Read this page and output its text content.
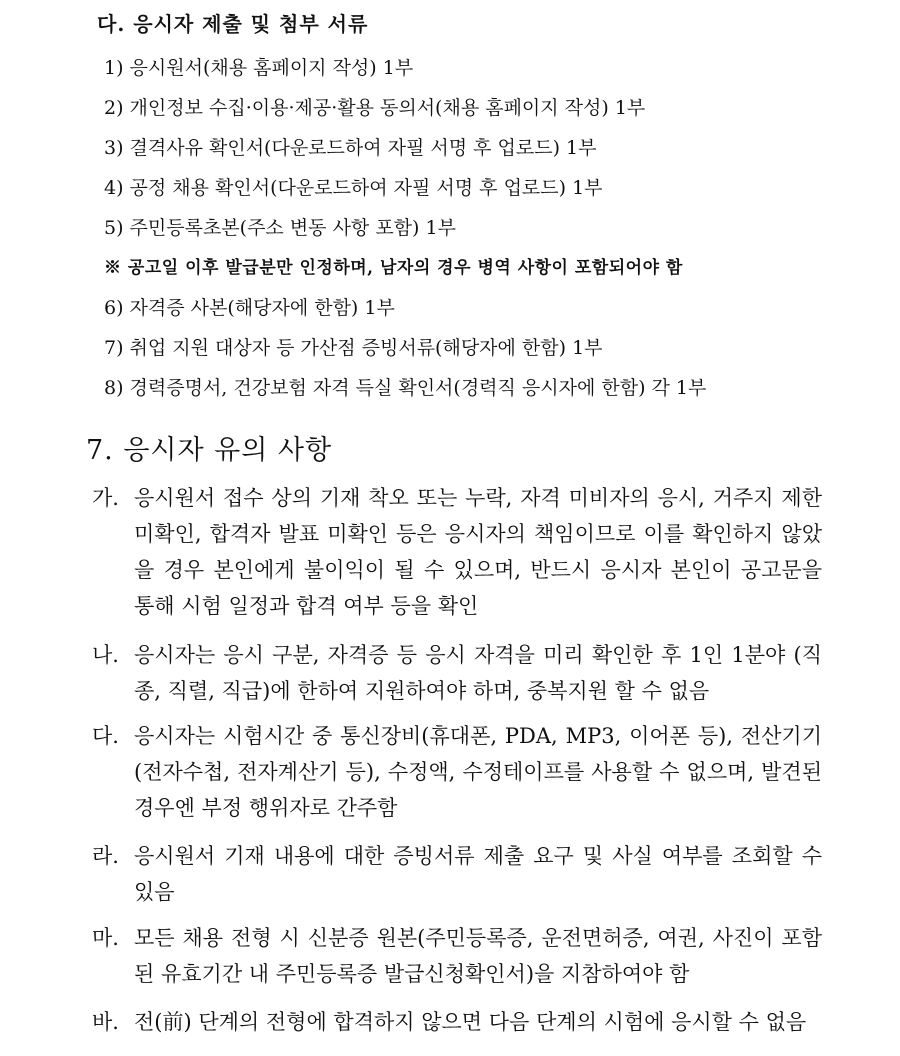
다. 응시자 제출 및 첨부 서류
1) 응시원서(채용 홈페이지 작성) 1부
2) 개인정보 수집·이용·제공·활용 동의서(채용 홈페이지 작성) 1부
3) 결격사유 확인서(다운로드하여 자필 서명 후 업로드) 1부
4) 공정 채용 확인서(다운로드하여 자필 서명 후 업로드) 1부
5) 주민등록초본(주소 변동 사항 포함) 1부
※ 공고일 이후 발급분만 인정하며, 남자의 경우 병역 사항이 포함되어야 함
6) 자격증 사본(해당자에 한함) 1부
7) 취업 지원 대상자 등 가산점 증빙서류(해당자에 한함) 1부
8) 경력증명서, 건강보험 자격 득실 확인서(경력직 응시자에 한함) 각 1부
7. 응시자 유의 사항
가. 응시원서 접수 상의 기재 착오 또는 누락, 자격 미비자의 응시, 거주지 제한 미확인, 합격자 발표 미확인 등은 응시자의 책임이므로 이를 확인하지 않았을 경우 본인에게 불이익이 될 수 있으며, 반드시 응시자 본인이 공고문을 통해 시험 일정과 합격 여부 등을 확인
나. 응시자는 응시 구분, 자격증 등 응시 자격을 미리 확인한 후 1인 1분야 (직종, 직렬, 직급)에 한하여 지원하여야 하며, 중복지원 할 수 없음
다. 응시자는 시험시간 중 통신장비(휴대폰, PDA, MP3, 이어폰 등), 전산기기 (전자수첩, 전자계산기 등), 수정액, 수정테이프를 사용할 수 없으며, 발견된 경우엔 부정 행위자로 간주함
라. 응시원서 기재 내용에 대한 증빙서류 제출 요구 및 사실 여부를 조회할 수 있음
마. 모든 채용 전형 시 신분증 원본(주민등록증, 운전면허증, 여권, 사진이 포함된 유효기간 내 주민등록증 발급신청확인서)을 지참하여야 함
바. 전(前) 단계의 전형에 합격하지 않으면 다음 단계의 시험에 응시할 수 없음
